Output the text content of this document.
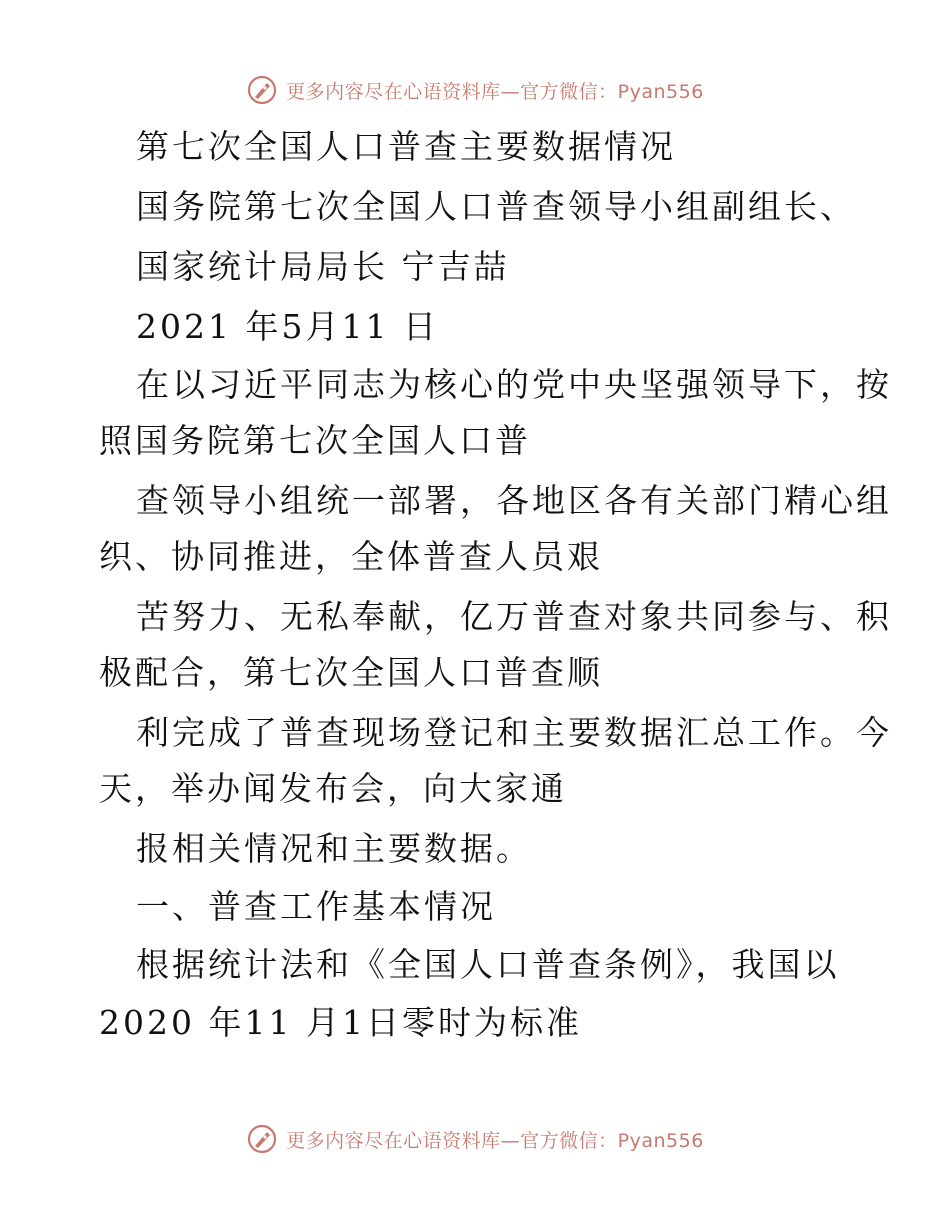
更多内容尽在心语资料库—官方微信：Pyan556
第七次全国人口普查主要数据情况
国务院第七次全国人口普查领导小组副组长、
国家统计局局长 宁吉喆
2021 年5月11 日
在以习近平同志为核心的党中央坚强领导下，按
照国务院第七次全国人口普
查领导小组统一部署，各地区各有关部门精心组
织、协同推进，全体普查人员艰
苦努力、无私奉献，亿万普查对象共同参与、积
极配合，第七次全国人口普查顺
利完成了普查现场登记和主要数据汇总工作。今
天，举办闻发布会，向大家通
报相关情况和主要数据。
一、普查工作基本情况
根据统计法和《全国人口普查条例》，我国以
2020 年11 月1日零时为标准
更多内容尽在心语资料库—官方微信：Pyan556
